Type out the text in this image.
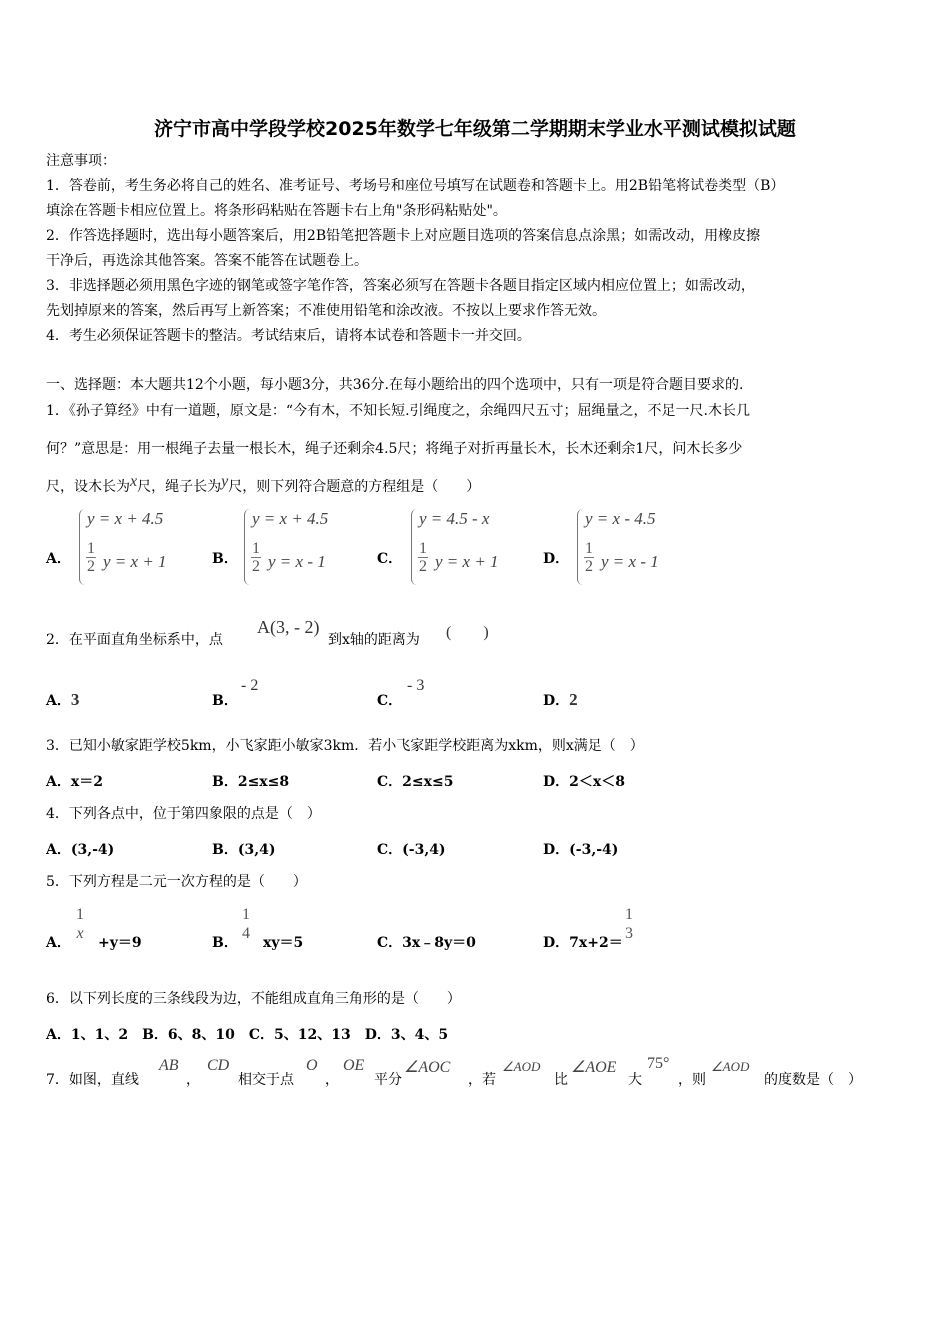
济宁市高中学段学校2025年数学七年级第二学期期末学业水平测试模拟试题
注意事项：
1．答卷前，考生务必将自己的姓名、准考证号、考场号和座位号填写在试题卷和答题卡上。用2B铅笔将试卷类型（B）
填涂在答题卡相应位置上。将条形码粘贴在答题卡右上角"条形码粘贴处"。
2．作答选择题时，选出每小题答案后，用2B铅笔把答题卡上对应题目选项的答案信息点涂黑；如需改动，用橡皮擦
干净后，再选涂其他答案。答案不能答在试题卷上。
3．非选择题必须用黑色字迹的钢笔或签字笔作答，答案必须写在答题卡各题目指定区域内相应位置上；如需改动，
先划掉原来的答案，然后再写上新答案；不准使用铅笔和涂改液。不按以上要求作答无效。
4．考生必须保证答题卡的整洁。考试结束后，请将本试卷和答题卡一并交回。
一、选择题：本大题共12个小题，每小题3分，共36分.在每小题给出的四个选项中，只有一项是符合题目要求的.
1．《孙子算经》中有一道题，原文是：“今有木，不知长短.引绳度之，余绳四尺五寸；屈绳量之，不足一尺.木长几
何？”意思是：用一根绳子去量一根长木，绳子还剩余4.5尺；将绳子对折再量长木，长木还剩余1尺，问木长多少
尺，设木长为x尺，绳子长为y尺，则下列符合题意的方程组是（　　）
A．
y = x + 4.5
$\frac{1}{2}$ y = x + 1	B．
y = x + 4.5
$\frac{1}{2}$ y = x - 1	C．
y = 4.5 - x
$\frac{1}{2}$ y = x + 1	D．
y = x - 4.5
$\frac{1}{2}$ y = x - 1
2．在平面直角坐标系中，点
A(3, - 2)
到x轴的距离为 (　　)
A．3	B．
- 2
C．
- 3
D．2
3．已知小敏家距学校5km，小飞家距小敏家3km．若小飞家距学校距离为xkm，则x满足（　）
A．x＝2	B．2≤x≤8	C．2≤x≤5	D．2＜x＜8
4．下列各点中，位于第四象限的点是（　）
A．(3,-4)	B．(3,4)	C．(-3,4)	D．(-3,-4)
5．下列方程是二元一次方程的是（　　）
A．
1
x
+y＝9	B．
1
4
xy＝5	C．3x﹣8y＝0	D．7x+2＝
1
3
6．以下列长度的三条线段为边，不能组成直角三角形的是（　　）
A．1、1、2　B．6、8、10　C．5、12、13　D．3、4、5
7．如图，直线
AB
，
CD
相交于点
O
，
OE
平分
∠AOC
，若
∠AOD
比
∠AOE
大
75°
，则
∠AOD
的度数是（　）
